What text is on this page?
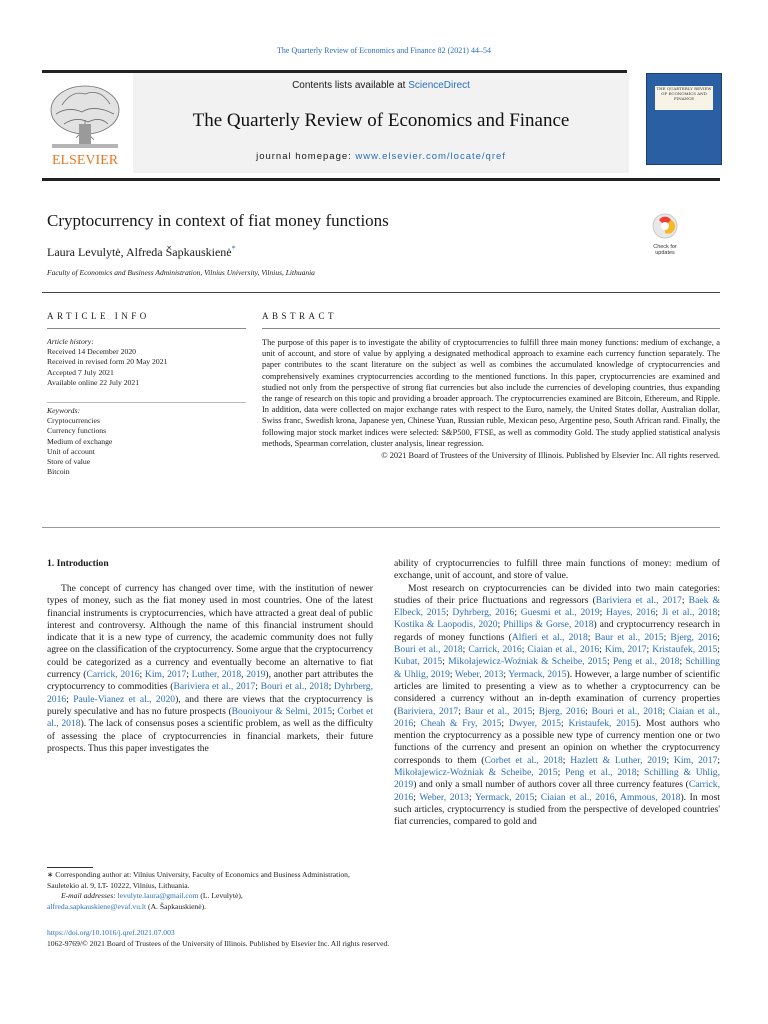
The Quarterly Review of Economics and Finance 82 (2021) 44–54
ELSEVIER
Contents lists available at ScienceDirect
The Quarterly Review of Economics and Finance
journal homepage: www.elsevier.com/locate/qref
THE QUARTERLY REVIEW OF ECONOMICS AND FINANCE
Cryptocurrency in context of fiat money functions
Laura Levulytė, Alfreda Šapkauskienė*
Faculty of Economics and Business Administration, Vilnius University, Vilnius, Lithuania
Check for updates
ARTICLE INFO
Article history:
Received 14 December 2020
Received in revised form 20 May 2021
Accepted 7 July 2021
Available online 22 July 2021
Keywords:
Cryptocurrencies
Currency functions
Medium of exchange
Unit of account
Store of value
Bitcoin
ABSTRACT
The purpose of this paper is to investigate the ability of cryptocurrencies to fulfill three main money functions: medium of exchange, a unit of account, and store of value by applying a designated methodical approach to examine each currency function separately. The paper contributes to the scant literature on the subject as well as combines the accumulated knowledge of cryptocurrencies and comprehensively examines cryptocurrencies according to the mentioned functions. In this paper, cryptocurrencies are examined and studied not only from the perspective of strong fiat currencies but also include the currencies of developing countries, thus expanding the range of research on this topic and providing a broader approach. The cryptocurrencies examined are Bitcoin, Ethereum, and Ripple. In addition, data were collected on major exchange rates with respect to the Euro, namely, the United States dollar, Australian dollar, Swiss franc, Swedish krona, Japanese yen, Chinese Yuan, Russian ruble, Mexican peso, Argentine peso, South African rand. Finally, the following major stock market indices were selected: S&P500, FTSE, as well as commodity Gold. The study applied statistical analysis methods, Spearman correlation, cluster analysis, linear regression.
© 2021 Board of Trustees of the University of Illinois. Published by Elsevier Inc. All rights reserved.
1. Introduction

The concept of currency has changed over time, with the institution of newer types of money, such as the fiat money used in most countries. One of the latest financial instruments is cryptocurrencies, which have attracted a great deal of public interest and controversy. Although the name of this financial instrument should indicate that it is a new type of currency, the academic community does not fully agree on the classification of the cryptocurrency. Some argue that the cryptocurrency could be categorized as a currency and eventually become an alternative to fiat currency (Carrick, 2016; Kim, 2017; Luther, 2018, 2019), another part attributes the cryptocurrency to commodities (Bariviera et al., 2017; Bouri et al., 2018; Dyhrberg, 2016; Paule-Vianez et al., 2020), and there are views that the cryptocurrency is purely speculative and has no future prospects (Bouoiyour & Selmi, 2015; Corbet et al., 2018). The lack of consensus poses a scientific problem, as well as the difficulty of assessing the place of cryptocurrencies in financial markets, their future prospects. Thus this paper investigates the

ability of cryptocurrencies to fulfill three main functions of money: medium of exchange, unit of account, and store of value.

Most research on cryptocurrencies can be divided into two main categories: studies of their price fluctuations and regressors (Bariviera et al., 2017; Baek & Elbeck, 2015; Dyhrberg, 2016; Guesmi et al., 2019; Hayes, 2016; Ji et al., 2018; Kostika & Laopodis, 2020; Phillips & Gorse, 2018) and cryptocurrency research in regards of money functions (Alfieri et al., 2018; Baur et al., 2015; Bjerg, 2016; Bouri et al., 2018; Carrick, 2016; Ciaian et al., 2016; Kim, 2017; Kristaufek, 2015; Kubat, 2015; Mikołajewicz-Woźniak & Scheibe, 2015; Peng et al., 2018; Schilling & Uhlig, 2019; Weber, 2013; Yermack, 2015). However, a large number of scientific articles are limited to presenting a view as to whether a cryptocurrency can be considered a currency without an in-depth examination of currency properties (Bariviera, 2017; Baur et al., 2015; Bjerg, 2016; Bouri et al., 2018; Ciaian et al., 2016; Cheah & Fry, 2015; Dwyer, 2015; Kristaufek, 2015). Most authors who mention the cryptocurrency as a possible new type of currency mention one or two functions of the currency and present an opinion on whether the cryptocurrency corresponds to them (Corbet et al., 2018; Hazlett & Luther, 2019; Kim, 2017; Mikołajewicz-Woźniak & Scheibe, 2015; Peng et al., 2018; Schilling & Uhlig, 2019) and only a small number of authors cover all three currency features (Carrick, 2016; Weber, 2013; Yermack, 2015; Ciaian et al., 2016, Ammous, 2018). In most such articles, cryptocurrency is studied from the perspective of developed countries' fiat currencies, compared to gold and

∗ Corresponding author at: Vilnius University, Faculty of Economics and Business Administration, Sauletekio al. 9, LT- 10222, Vilnius, Lithuania.
E-mail addresses: levulyte.laura@gmail.com (L. Levulytė),
alfreda.sapkauskiene@evaf.vu.lt (A. Šapkauskienė).
https://doi.org/10.1016/j.qref.2021.07.003
1062-9769/© 2021 Board of Trustees of the University of Illinois. Published by Elsevier Inc. All rights reserved.
